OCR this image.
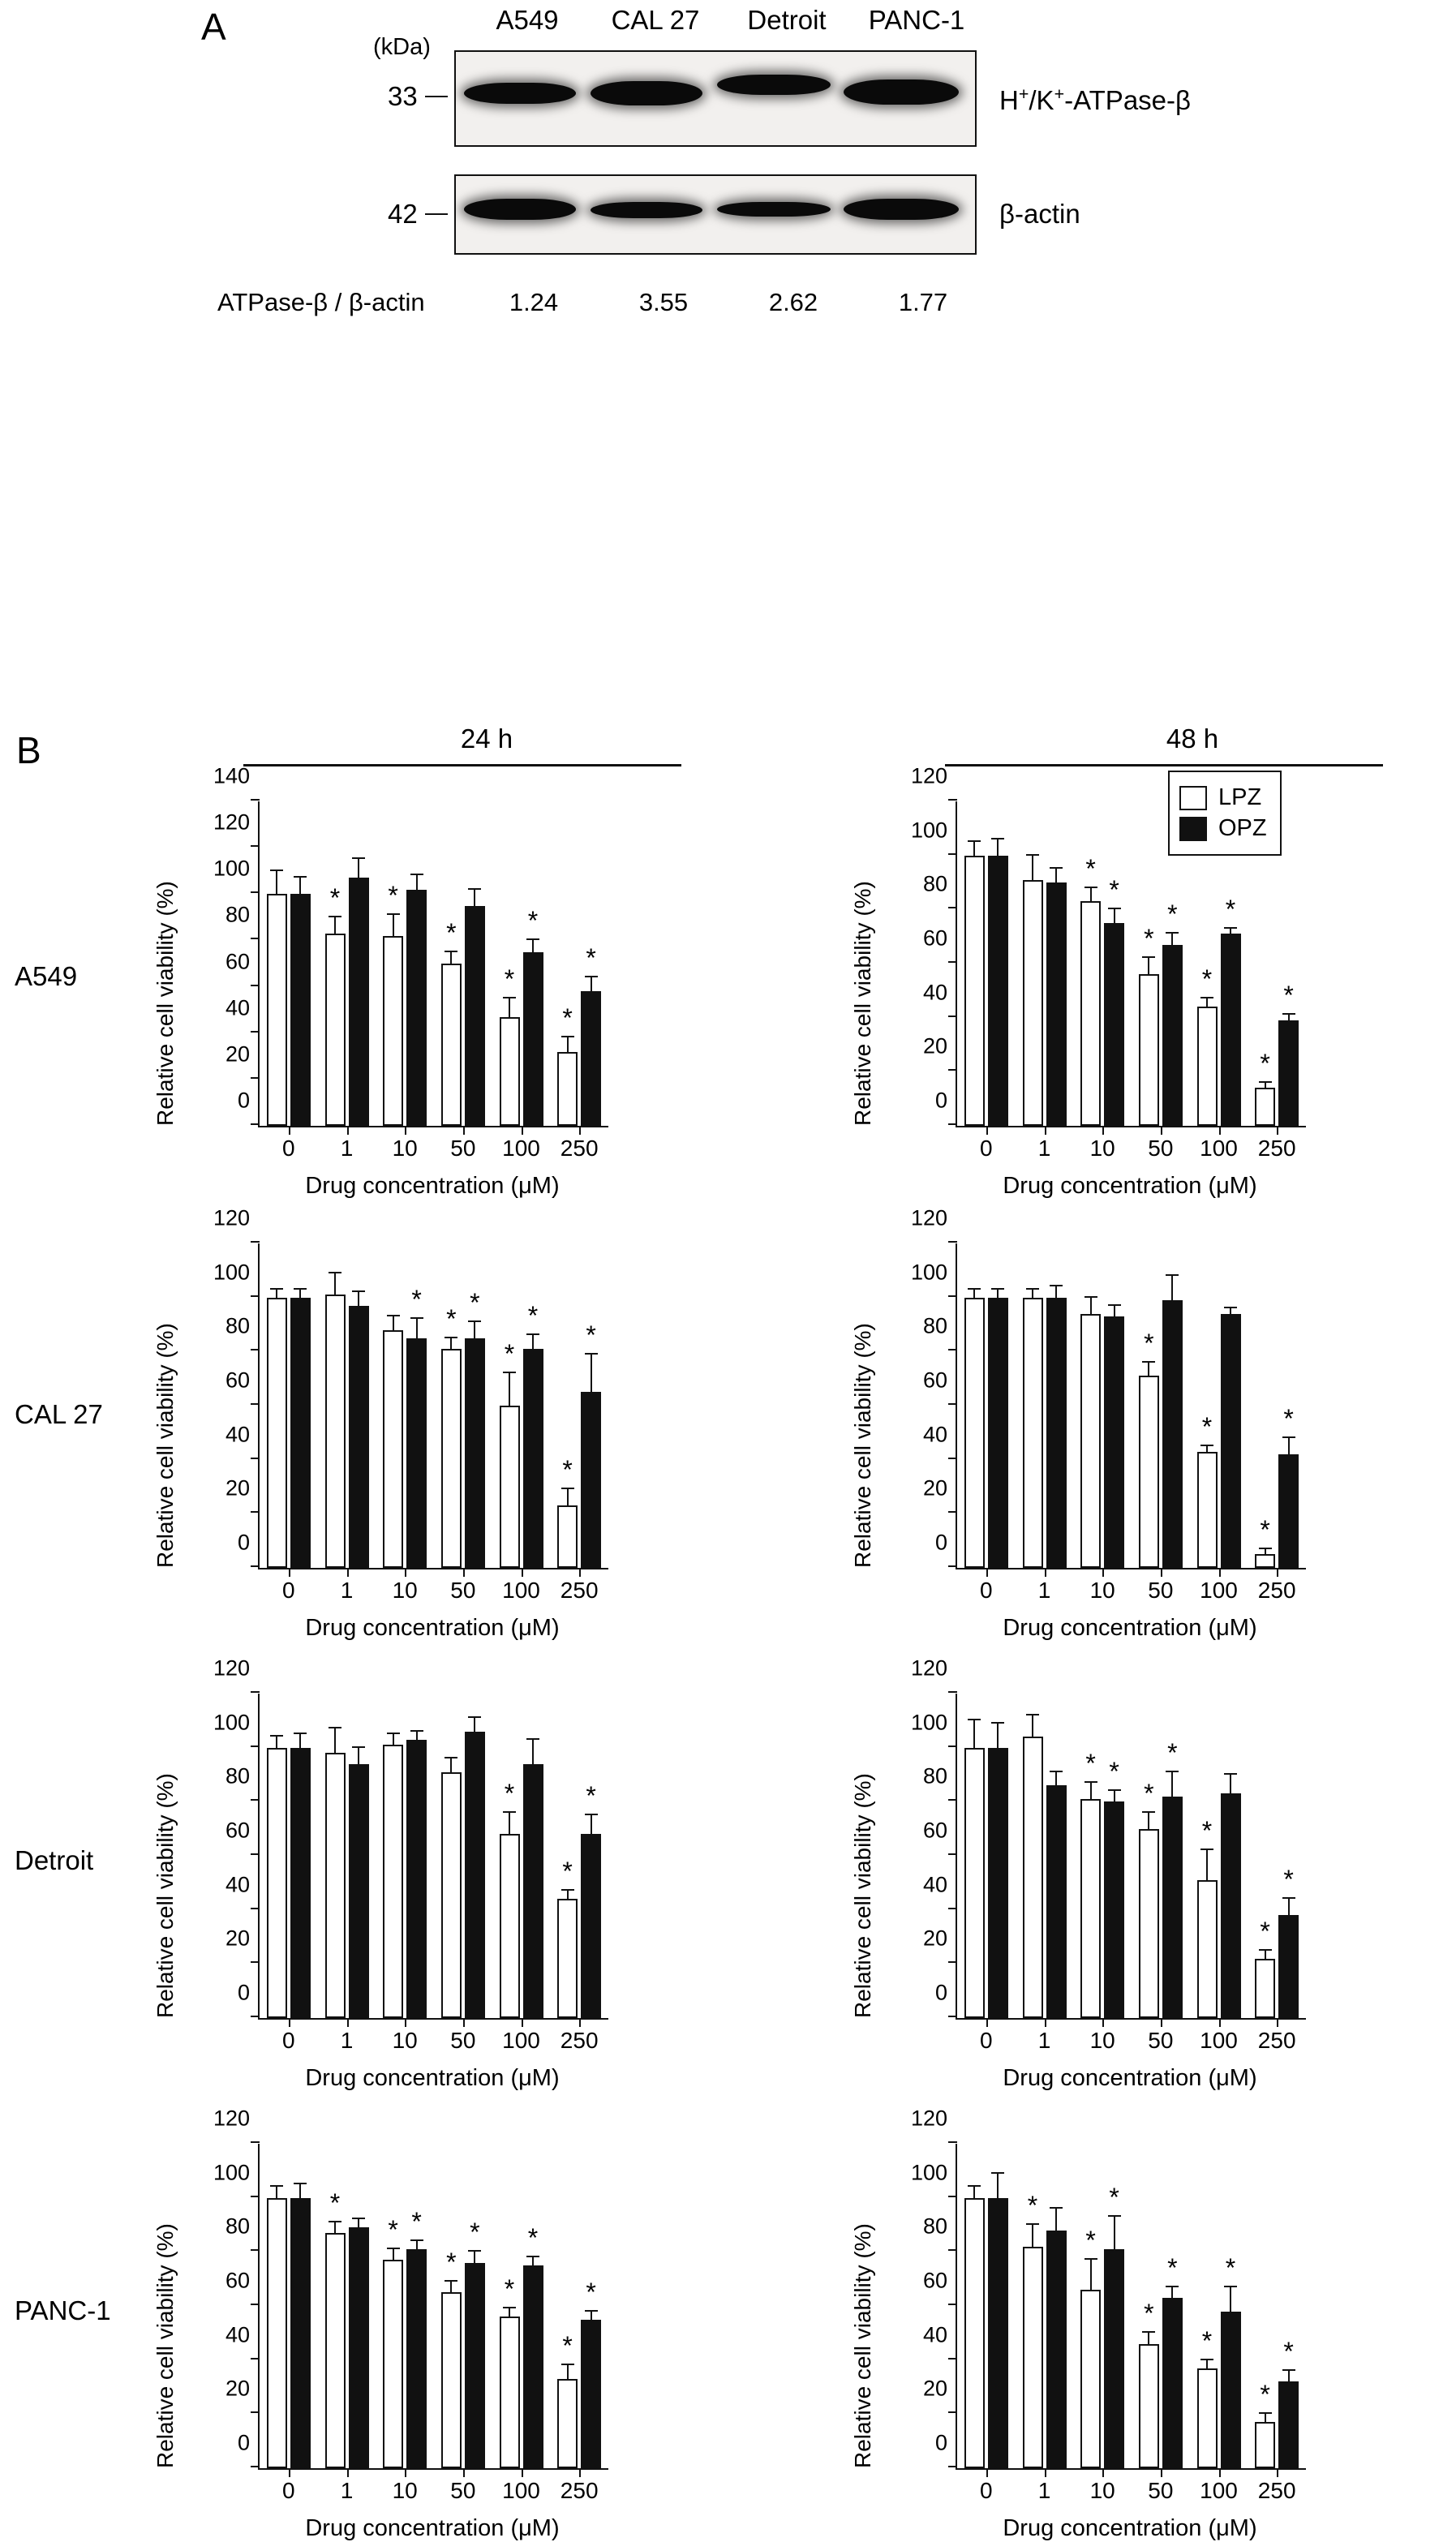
A	(kDa)
A549	CAL 27	Detroit	PANC-1
33
42
H+/K+-ATPase-β
β-actin
ATPase-β / β-actin	1.24	3.55	2.62	1.77
B	24 h	48 h
A549
CAL 27
Detroit
PANC-1
LPZ
OPZ
Relative cell viability (%)	0
20
40
60
80
100
120
140
0 1
*
10
*
50
*
100
*
*
250
*
*
Drug concentration (μM)
Relative cell viability (%)	0
20
40
60
80
100
120
0 1 10
*
*
50
*
*
100
*
*
250
*
*
Drug concentration (μM)
Relative cell viability (%)	0
20
40
60
80
100
120
0 1 10
*
50
*
*
100
*
*
250
*
*
Drug concentration (μM)
Relative cell viability (%)	0
20
40
60
80
100
120
0 1 10 50
*
100
*
250
*
*
Drug concentration (μM)
Relative cell viability (%)	0
20
40
60
80
100
120
0 1 10 50 100
*
250
*
*
Drug concentration (μM)
Relative cell viability (%)	0
20
40
60
80
100
120
0 1 10
* *
50
*
*
100
*
250
*
*
Drug concentration (μM)
Relative cell viability (%)	0
20
40
60
80
100
120
0 1
*
10
* *
50
*
*
100
*
*
250
*
*
Drug concentration (μM)
Relative cell viability (%)	0
20
40
60
80
100
120
0 1
*
10
*
*
50
*
*
100
*
*
250
*
*
Drug concentration (μM)
